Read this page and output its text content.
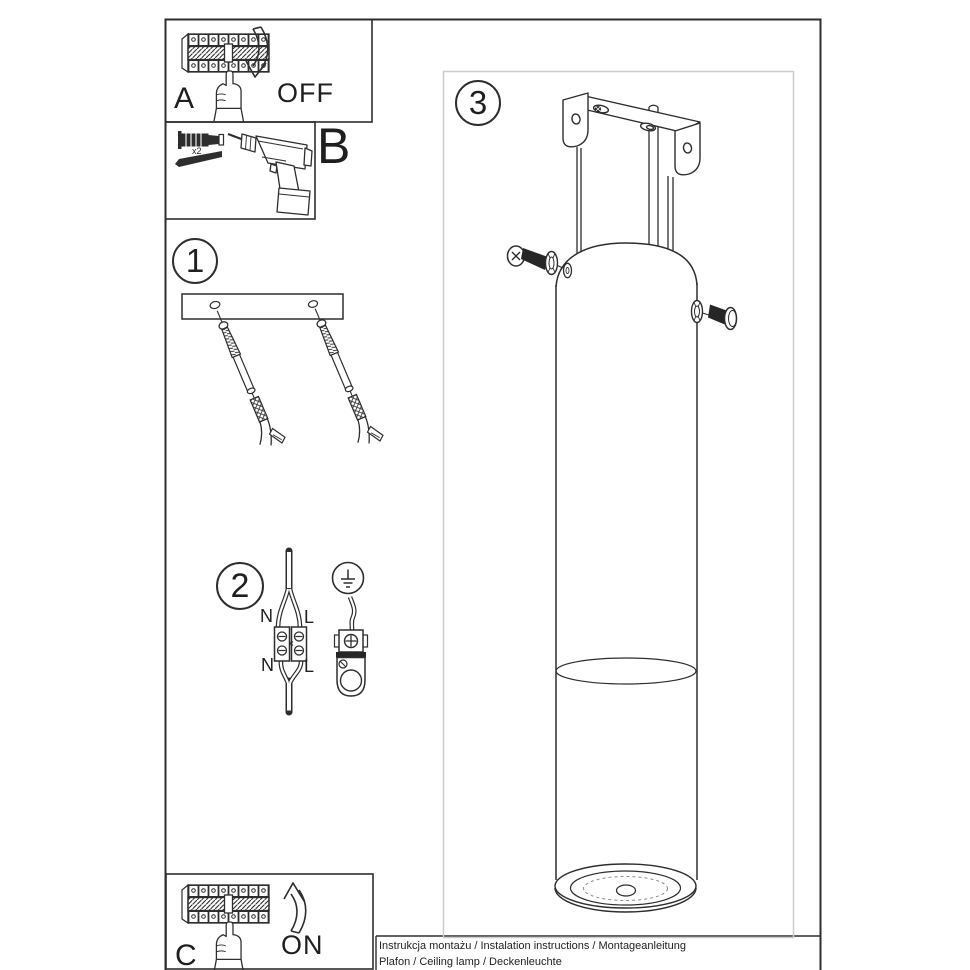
A	OFF
B
x2
1
2
3
N L
N L
C	ON	Instrukcja montażu / Instalation instructions / Montageanleitung
Plafon / Ceiling lamp / Deckenleuchte
